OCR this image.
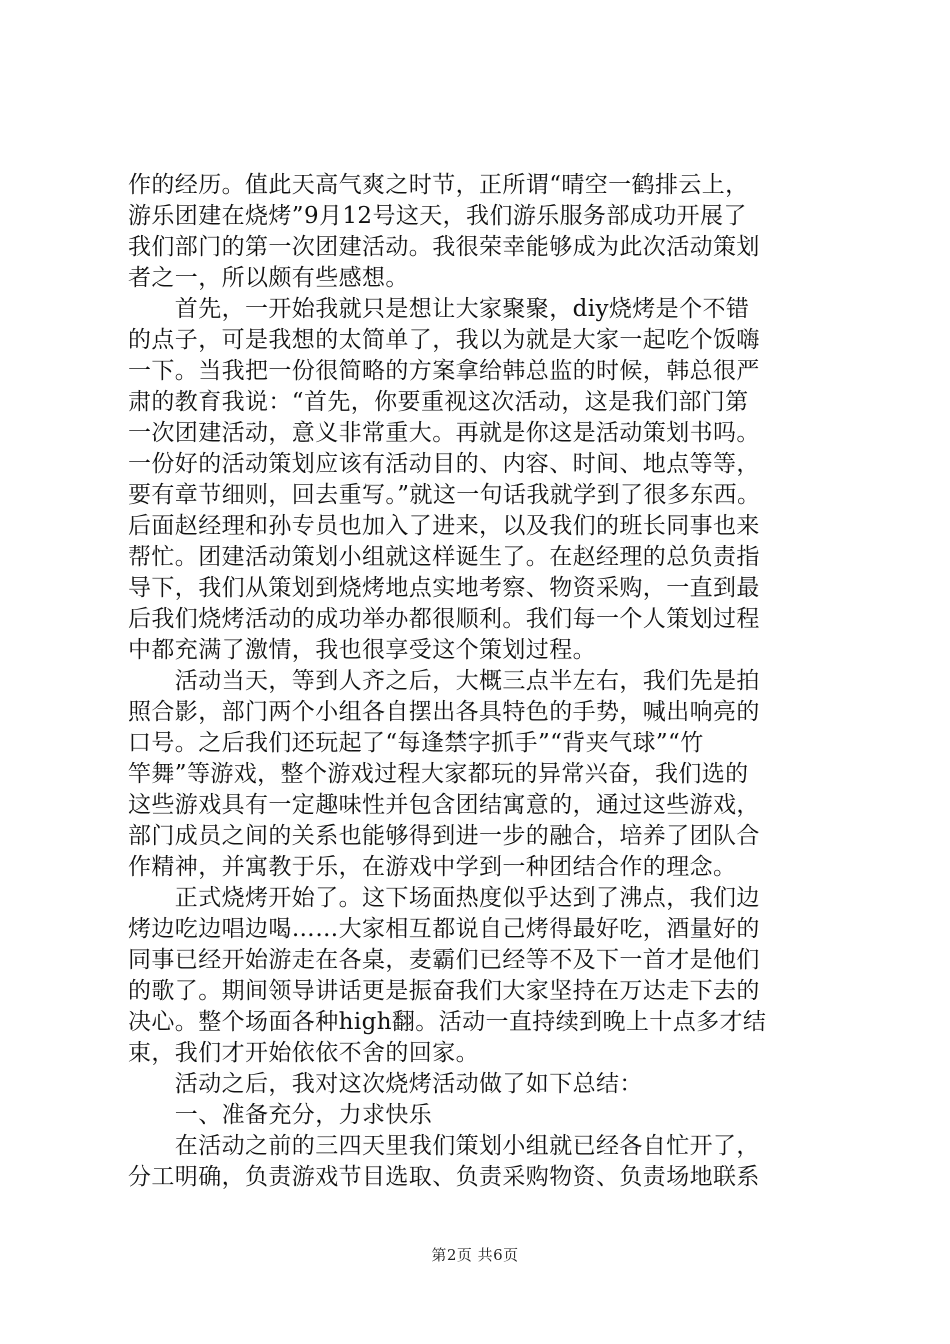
作的经历。值此天高气爽之时节，正所谓“晴空一鹤排云上，
游乐团建在烧烤”9月12号这天，我们游乐服务部成功开展了
我们部门的第一次团建活动。我很荣幸能够成为此次活动策划
者之一，所以颇有些感想。
　　首先，一开始我就只是想让大家聚聚，diy烧烤是个不错
的点子，可是我想的太简单了，我以为就是大家一起吃个饭嗨
一下。当我把一份很简略的方案拿给韩总监的时候，韩总很严
肃的教育我说：“首先，你要重视这次活动，这是我们部门第
一次团建活动，意义非常重大。再就是你这是活动策划书吗。
一份好的活动策划应该有活动目的、内容、时间、地点等等，
要有章节细则，回去重写。”就这一句话我就学到了很多东西。
后面赵经理和孙专员也加入了进来，以及我们的班长同事也来
帮忙。团建活动策划小组就这样诞生了。在赵经理的总负责指
导下，我们从策划到烧烤地点实地考察、物资采购，一直到最
后我们烧烤活动的成功举办都很顺利。我们每一个人策划过程
中都充满了激情，我也很享受这个策划过程。
　　活动当天，等到人齐之后，大概三点半左右，我们先是拍
照合影，部门两个小组各自摆出各具特色的手势，喊出响亮的
口号。之后我们还玩起了“每逢禁字抓手”“背夹气球”“竹
竿舞”等游戏，整个游戏过程大家都玩的异常兴奋，我们选的
这些游戏具有一定趣味性并包含团结寓意的，通过这些游戏，
部门成员之间的关系也能够得到进一步的融合，培养了团队合
作精神，并寓教于乐，在游戏中学到一种团结合作的理念。
　　正式烧烤开始了。这下场面热度似乎达到了沸点，我们边
烤边吃边唱边喝……大家相互都说自己烤得最好吃，酒量好的
同事已经开始游走在各桌，麦霸们已经等不及下一首才是他们
的歌了。期间领导讲话更是振奋我们大家坚持在万达走下去的
决心。整个场面各种high翻。活动一直持续到晚上十点多才结
束，我们才开始依依不舍的回家。
　　活动之后，我对这次烧烤活动做了如下总结：
　　一、准备充分，力求快乐
　　在活动之前的三四天里我们策划小组就已经各自忙开了，
分工明确，负责游戏节目选取、负责采购物资、负责场地联系
第2页 共6页
